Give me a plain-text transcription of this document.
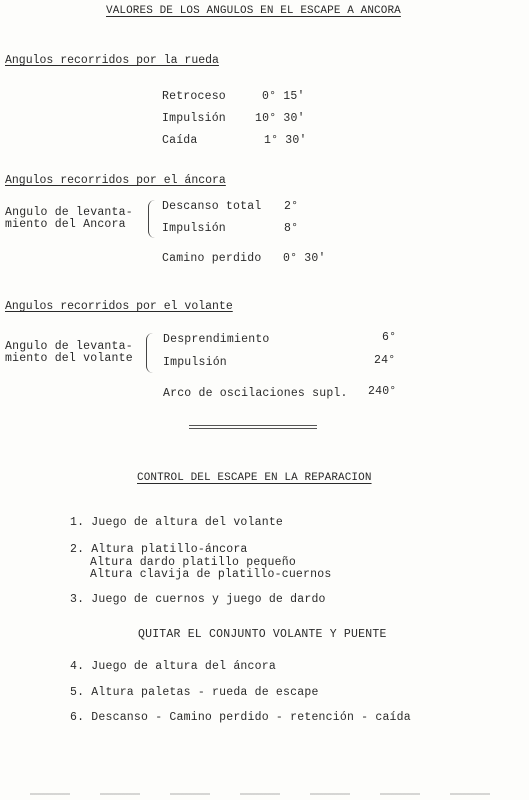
VALORES DE LOS ANGULOS EN EL ESCAPE A ANCORA
Angulos recorridos por la rueda
Retroceso	0° 15'
Impulsión	10° 30'
Caída	1° 30'
Angulos recorridos por el áncora
Angulo de levanta-
miento del Ancora
Descanso total 2°
Impulsión	8°
Camino perdido 0° 30'
Angulos recorridos por el volante
Angulo de levanta-
miento del volante
Desprendimiento	6°
Impulsión	24°
Arco de oscilaciones supl. 240°
CONTROL DEL ESCAPE EN LA REPARACION
1. Juego de altura del volante
2. Altura platillo-áncora
Altura dardo platillo pequeño
Altura clavija de platillo-cuernos
3. Juego de cuernos y juego de dardo
QUITAR EL CONJUNTO VOLANTE Y PUENTE
4. Juego de altura del áncora
5. Altura paletas - rueda de escape
6. Descanso - Camino perdido - retención - caída
